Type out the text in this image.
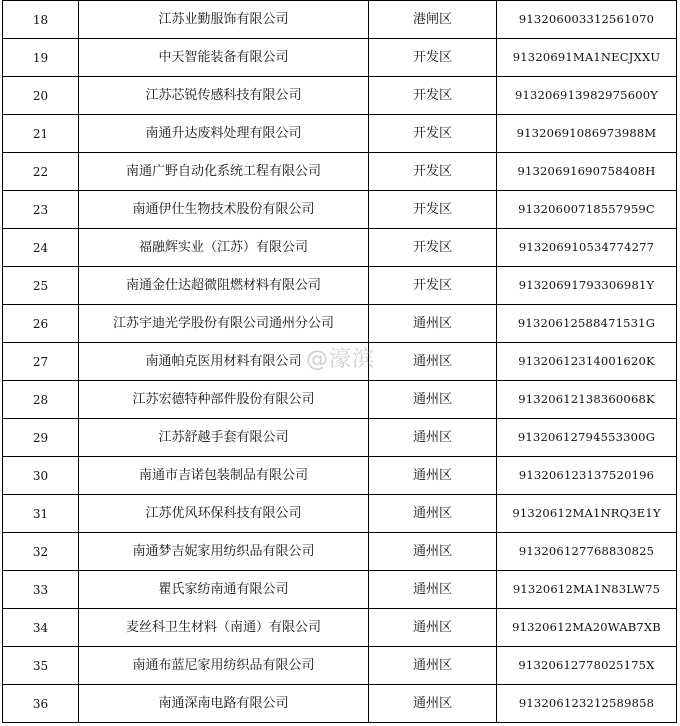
18	江苏业勤服饰有限公司	港闸区	913206003312561070
19	中天智能装备有限公司	开发区	91320691MA1NECJXXU
20	江苏芯锐传感科技有限公司	开发区	913206913982975600Y
21	南通升达废料处理有限公司	开发区	91320691086973988M
22	南通广野自动化系统工程有限公司	开发区	91320691690758408H
23	南通伊仕生物技术股份有限公司	开发区	91320600718557959C
24	福融辉实业（江苏）有限公司	开发区	913206910534774277
25	南通金仕达超微阻燃材料有限公司	开发区	91320691793306981Y
26	江苏宇迪光学股份有限公司通州分公司	通州区	91320612588471531G
27	南通帕克医用材料有限公司	通州区	91320612314001620K
28	江苏宏德特种部件股份有限公司	通州区	91320612138360068K
29	江苏舒越手套有限公司	通州区	91320612794553300G
30	南通市吉诺包装制品有限公司	通州区	913206123137520196
31	江苏优风环保科技有限公司	通州区	91320612MA1NRQ3E1Y
32	南通梦吉妮家用纺织品有限公司	通州区	913206127768830825
33	瞿氏家纺南通有限公司	通州区	91320612MA1N83LW75
34	麦丝科卫生材料（南通）有限公司	通州区	91320612MA20WAB7XB
35	南通布蓝尼家用纺织品有限公司	通州区	91320612778025175X
36	南通深南电路有限公司	通州区	913206123212589858
@濠滨
